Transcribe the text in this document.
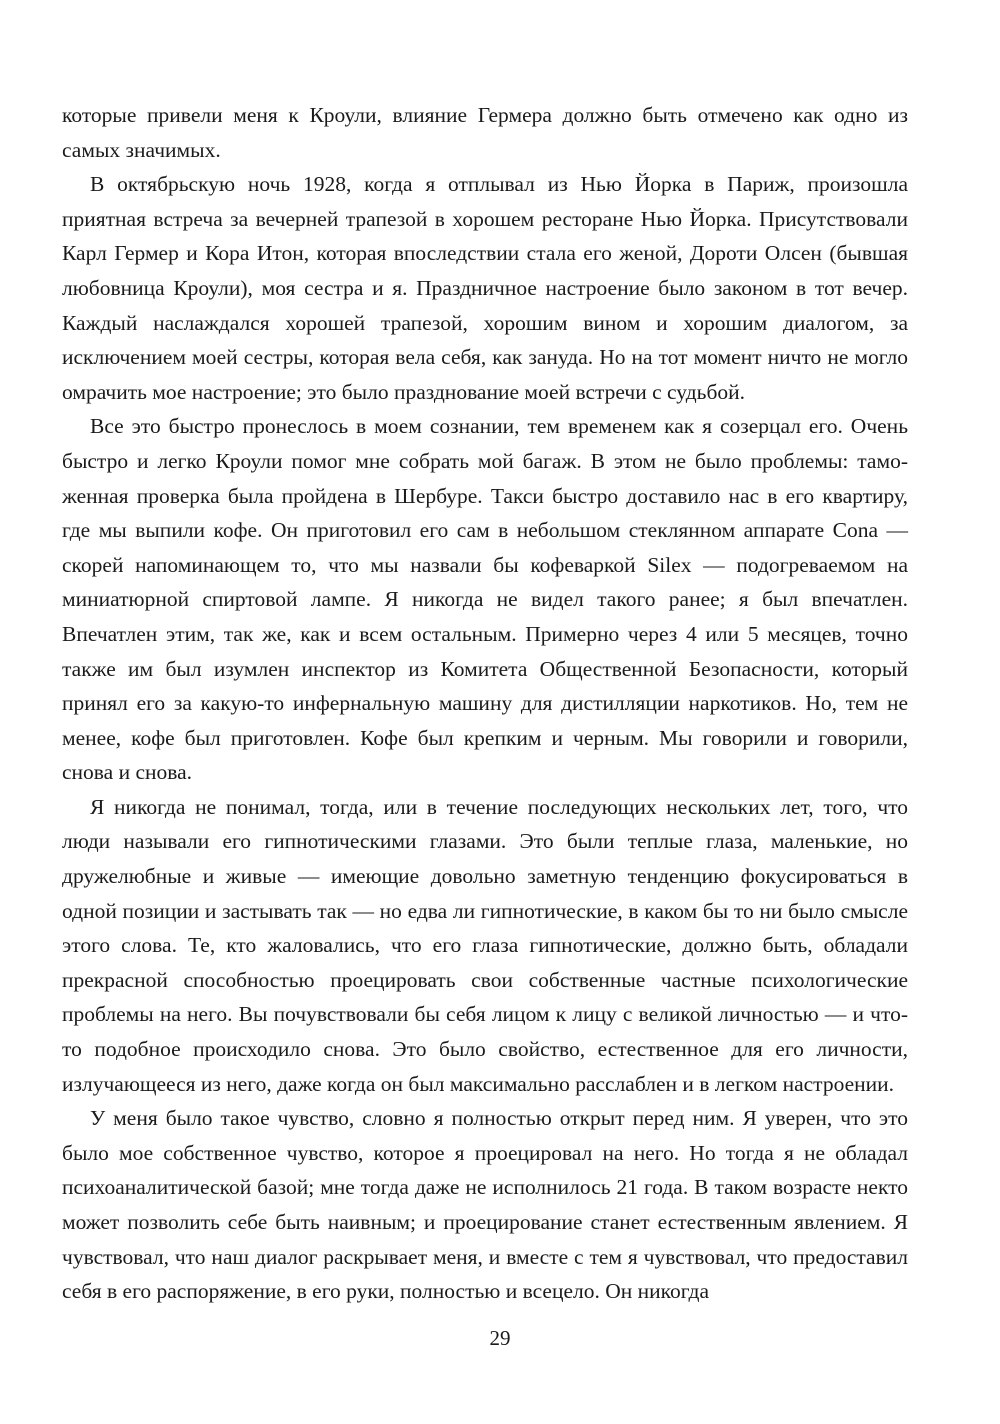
которые привели меня к Кроули, влияние Гермера должно быть отмечено как одно из самых значимых.

В октябрьскую ночь 1928, когда я отплывал из Нью Йорка в Париж, произошла приятная встреча за вечерней трапезой в хорошем ресторане Нью Йорка. Присутствовали Карл Гермер и Кора Итон, которая впоследствии стала его женой, Дороти Олсен (бывшая любовница Кроули), моя сестра и я. Праздничное настроение было законом в тот вечер. Каждый наслаждался хорошей трапезой, хорошим вином и хорошим диалогом, за исключением моей сестры, которая вела себя, как зануда. Но на тот момент ничто не могло омрачить мое настроение; это было празднование моей встречи с судьбой.

Все это быстро пронеслось в моем сознании, тем временем как я созерцал его. Очень быстро и легко Кроули помог мне собрать мой багаж. В этом не было проблемы: таможенная проверка была пройдена в Шербуре. Такси быстро доставило нас в его квартиру, где мы выпили кофе. Он приготовил его сам в небольшом стеклянном аппарате Cona — скорей напоминающем то, что мы назвали бы кофеваркой Silex — подогреваемом на миниатюрной спиртовой лампе. Я никогда не видел такого ранее; я был впечатлен. Впечатлен этим, так же, как и всем остальным. Примерно через 4 или 5 месяцев, точно также им был изумлен инспектор из Комитета Общественной Безопасности, который принял его за какую-то инфернальную машину для дистилляции наркотиков. Но, тем не менее, кофе был приготовлен. Кофе был крепким и черным. Мы говорили и говорили, снова и снова.

Я никогда не понимал, тогда, или в течение последующих нескольких лет, того, что люди называли его гипнотическими глазами. Это были теплые глаза, маленькие, но дружелюбные и живые — имеющие довольно заметную тенденцию фокусироваться в одной позиции и застывать так — но едва ли гипнотические, в каком бы то ни было смысле этого слова. Те, кто жаловались, что его глаза гипнотические, должно быть, обладали прекрасной способностью проецировать свои собственные частные психологические проблемы на него. Вы почувствовали бы себя лицом к лицу с великой личностью — и что-то подобное происходило снова. Это было свойство, естественное для его личности, излучающееся из него, даже когда он был максимально расслаблен и в легком настроении.

У меня было такое чувство, словно я полностью открыт перед ним. Я уверен, что это было мое собственное чувство, которое я проецировал на него. Но тогда я не обладал психоаналитической базой; мне тогда даже не исполнилось 21 года. В таком возрасте некто может позволить себе быть наивным; и проецирование станет естественным явлением. Я чувствовал, что наш диалог раскрывает меня, и вместе с тем я чувствовал, что предоставил себя в его распоряжение, в его руки, полностью и всецело. Он никогда

29
